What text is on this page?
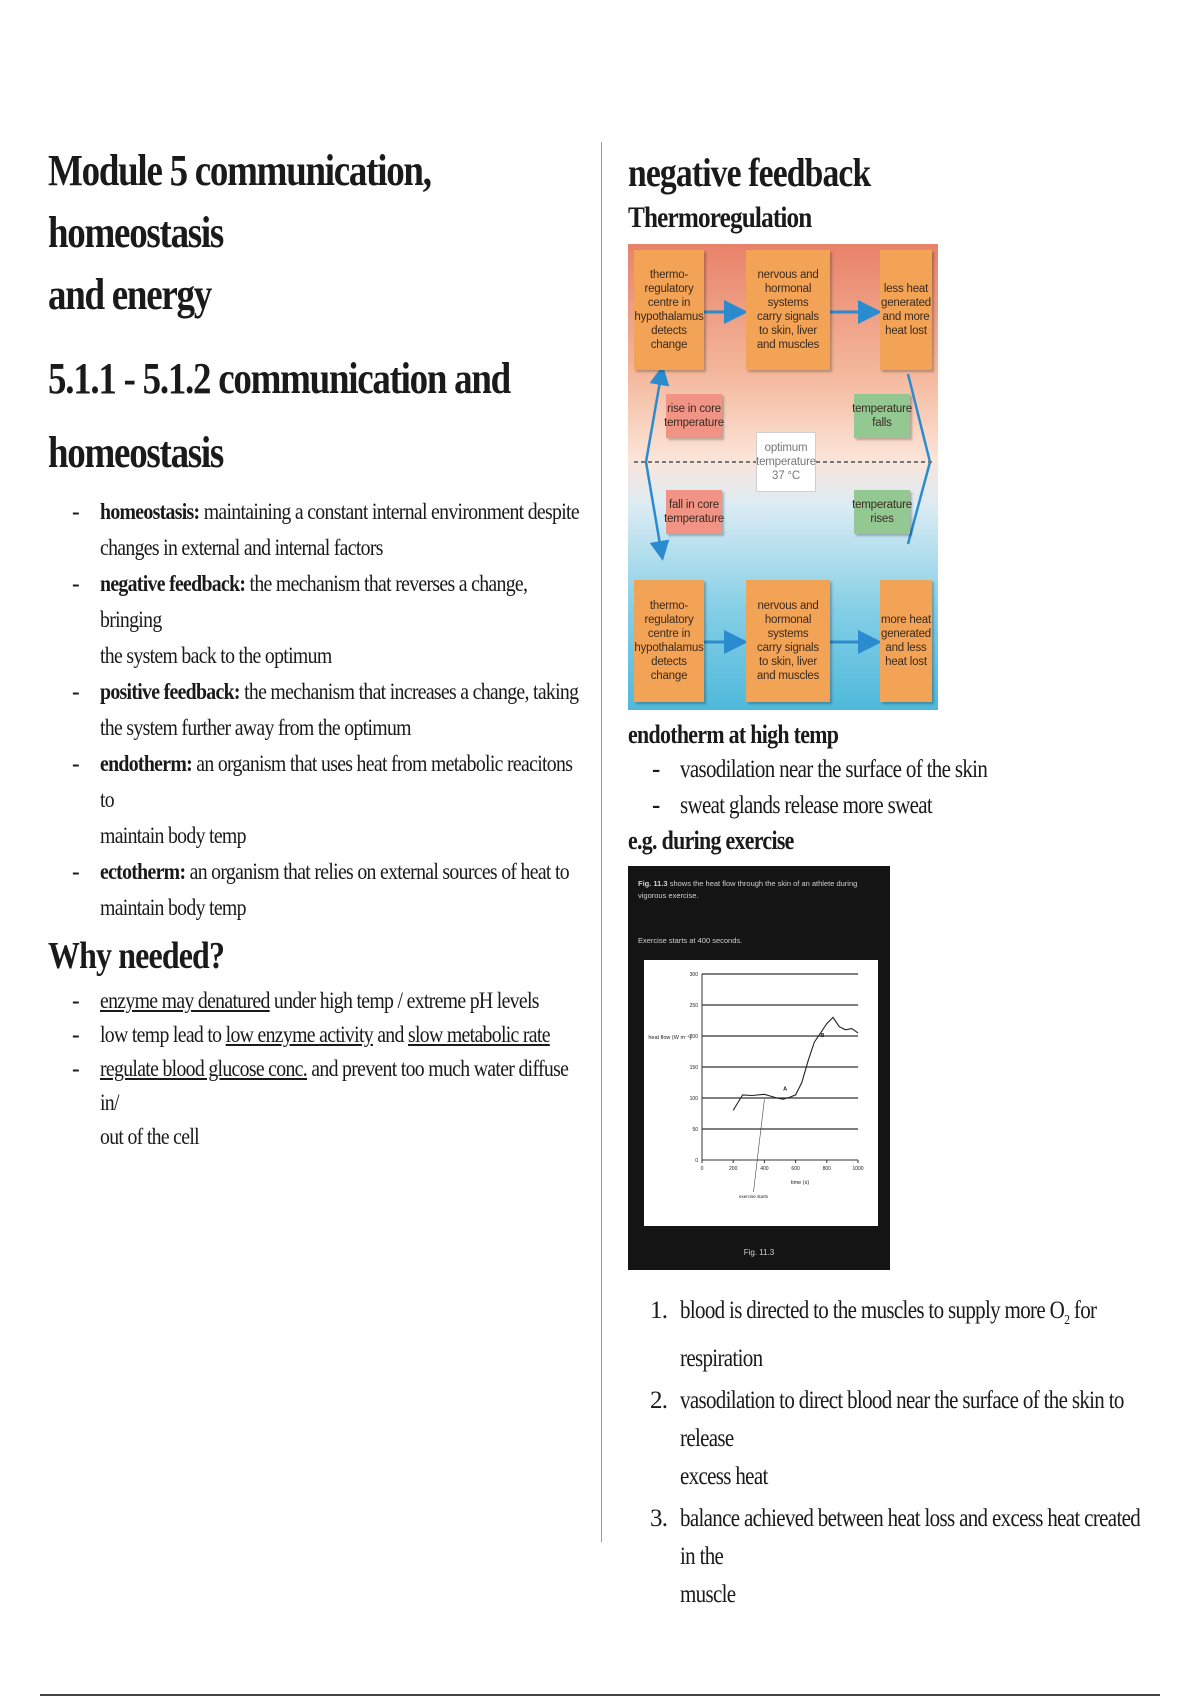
Module 5 communication, homeostasis
and energy
5.1.1 - 5.1.2 communication and
homeostasis
- homeostasis: maintaining a constant internal environment despite
changes in external and internal factors
- negative feedback: the mechanism that reverses a change, bringing
the system back to the optimum
- positive feedback: the mechanism that increases a change, taking
the system further away from the optimum
- endotherm: an organism that uses heat from metabolic reacitons to
maintain body temp
- ectotherm: an organism that relies on external sources of heat to
maintain body temp
Why needed?
- enzyme may denatured under high temp / extreme pH levels
- low temp lead to low enzyme activity and slow metabolic rate
- regulate blood glucose conc. and prevent too much water diffuse in/
out of the cell
negative feedback
Thermoregulation
thermo-
regulatory
centre in
hypothalamus
detects change
nervous and
hormonal systems
carry signals
to skin, liver
and muscles
less heat
generated
and more
heat lost
rise in core
temperature
temperature
falls
optimum
temperature
37 °C
fall in core
temperature
temperature
rises
thermo-
regulatory
centre in
hypothalamus
detects change
nervous and
hormonal systems
carry signals
to skin, liver
and muscles
more heat
generated
and less
heat lost
endotherm at high temp
- vasodilation near the surface of the skin
- sweat glands release more sweat
e.g. during exercise
Fig. 11.3 shows the heat flow through the skin of an athlete during vigorous exercise.
Exercise starts at 400 seconds.
0
50
100
150
200
250
300
0	200	400	600	800	1000
heat flow (W m⁻²)
time (s)
A
B
exercise starts
Fig. 11.3
1. blood is directed to the muscles to supply more $O_2$ for respiration
2. vasodilation to direct blood near the surface of the skin to release
excess heat
3. balance achieved between heat loss and excess heat created in the
muscle
